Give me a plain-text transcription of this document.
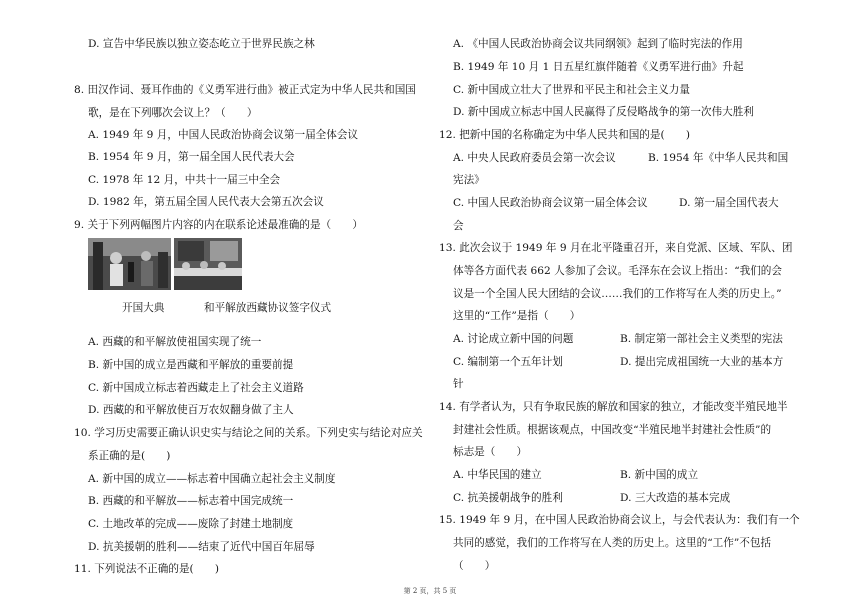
D. 宣告中华民族以独立姿态屹立于世界民族之林
8. 田汉作词、聂耳作曲的《义勇军进行曲》被正式定为中华人民共和国国
歌，是在下列哪次会议上？（　　）
A. 1949 年 9 月，中国人民政治协商会议第一届全体会议
B. 1954 年 9 月，第一届全国人民代表大会
C. 1978 年 12 月，中共十一届三中全会
D. 1982 年，第五届全国人民代表大会第五次会议
9. 关于下列两幅图片内容的内在联系论述最准确的是（　　）
开国大典	和平解放西藏协议签字仪式
A. 西藏的和平解放使祖国实现了统一
B. 新中国的成立是西藏和平解放的重要前提
C. 新中国成立标志着西藏走上了社会主义道路
D. 西藏的和平解放使百万农奴翻身做了主人
10. 学习历史需要正确认识史实与结论之间的关系。下列史实与结论对应关
系正确的是(　　)
A. 新中国的成立——标志着中国确立起社会主义制度
B. 西藏的和平解放——标志着中国完成统一
C. 土地改革的完成——废除了封建土地制度
D. 抗美援朝的胜利——结束了近代中国百年屈辱
11. 下列说法不正确的是(　　)
A. 《中国人民政治协商会议共同纲领》起到了临时宪法的作用
B. 1949 年 10 月 1 日五星红旗伴随着《义勇军进行曲》升起
C. 新中国成立壮大了世界和平民主和社会主义力量
D. 新中国成立标志中国人民赢得了反侵略战争的第一次伟大胜利
12. 把新中国的名称确定为中华人民共和国的是(　　)
A. 中央人民政府委员会第一次会议	B. 1954 年《中华人民共和国
宪法》
C. 中国人民政治协商会议第一届全体会议	D. 第一届全国代表大
会
13. 此次会议于 1949 年 9 月在北平隆重召开，来自党派、区域、军队、团
体等各方面代表 662 人参加了会议。毛泽东在会议上指出：“我们的会
议是一个全国人民大团结的会议……我们的工作将写在人类的历史上。”
这里的“工作”是指（　　）
A. 讨论成立新中国的问题	B. 制定第一部社会主义类型的宪法
C. 编制第一个五年计划	D. 提出完成祖国统一大业的基本方
针
14. 有学者认为，只有争取民族的解放和国家的独立，才能改变半殖民地半
封建社会性质。根据该观点，中国改变“半殖民地半封建社会性质”的
标志是（　　）
A. 中华民国的建立	B. 新中国的成立
C. 抗美援朝战争的胜利	D. 三大改造的基本完成
15. 1949 年 9 月，在中国人民政治协商会议上，与会代表认为：我们有一个
共同的感觉，我们的工作将写在人类的历史上。这里的“工作”不包括
（　　）
第 2 页，共 5 页
